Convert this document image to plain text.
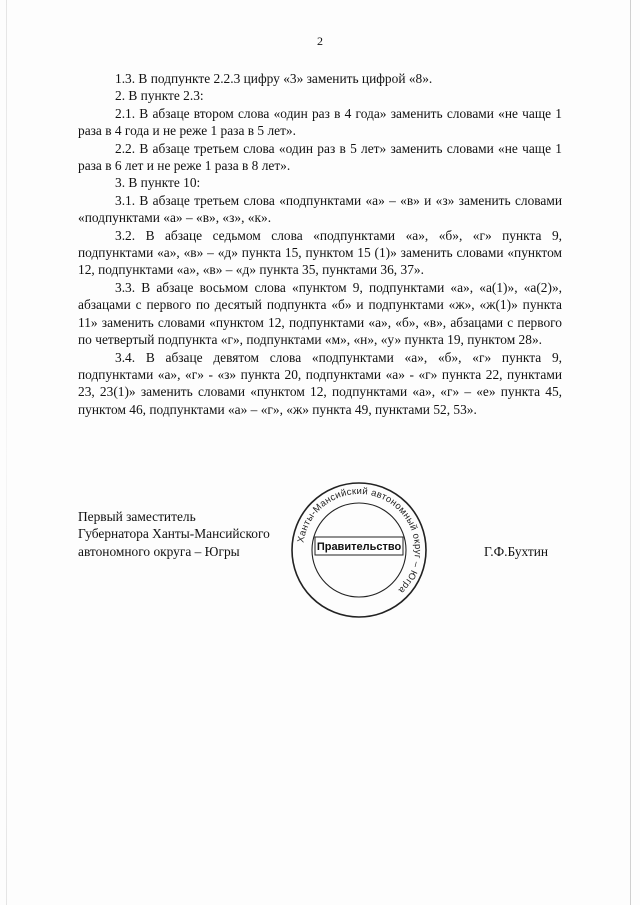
2

1.3. В подпункте 2.2.3 цифру «3» заменить цифрой «8».

2. В пункте 2.3:

2.1. В абзаце втором слова «один раз в 4 года» заменить словами «не чаще 1 раза в 4 года и не реже 1 раза в 5 лет».

2.2. В абзаце третьем слова «один раз в 5 лет» заменить словами «не чаще 1 раза в 6 лет и не реже 1 раза в 8 лет».

3. В пункте 10:

3.1. В абзаце третьем слова «подпунктами «а» – «в» и «з» заменить словами «подпунктами «а» – «в», «з», «к».

3.2. В абзаце седьмом слова «подпунктами «а», «б», «г» пункта 9, подпунктами «а», «в» – «д» пункта 15, пунктом 15 (1)» заменить словами «пунктом 12, подпунктами «а», «в» – «д» пункта 35, пунктами 36, 37».

3.3. В абзаце восьмом слова «пунктом 9, подпунктами «а», «а(1)», «а(2)», абзацами с первого по десятый подпункта «б» и подпунктами «ж», «ж(1)» пункта 11» заменить словами «пунктом 12, подпунктами «а», «б», «в», абзацами с первого по четвертый подпункта «г», подпунктами «м», «н», «у» пункта 19, пунктом 28».

3.4. В абзаце девятом слова «подпунктами «а», «б», «г» пункта 9, подпунктами «а», «г» - «з» пункта 20, подпунктами «а» - «г» пункта 22, пунктами 23, 23(1)» заменить словами «пунктом 12, подпунктами «а», «г» – «е» пункта 45, пунктом 46, подпунктами «а» – «г», «ж» пункта 49, пунктами 52, 53».

Первый заместитель
Губернатора Ханты-Мансийского
автономного округа – Югры
Ханты-Мансийский автономный округ – Югра
Правительство	Г.Ф.Бухтин
